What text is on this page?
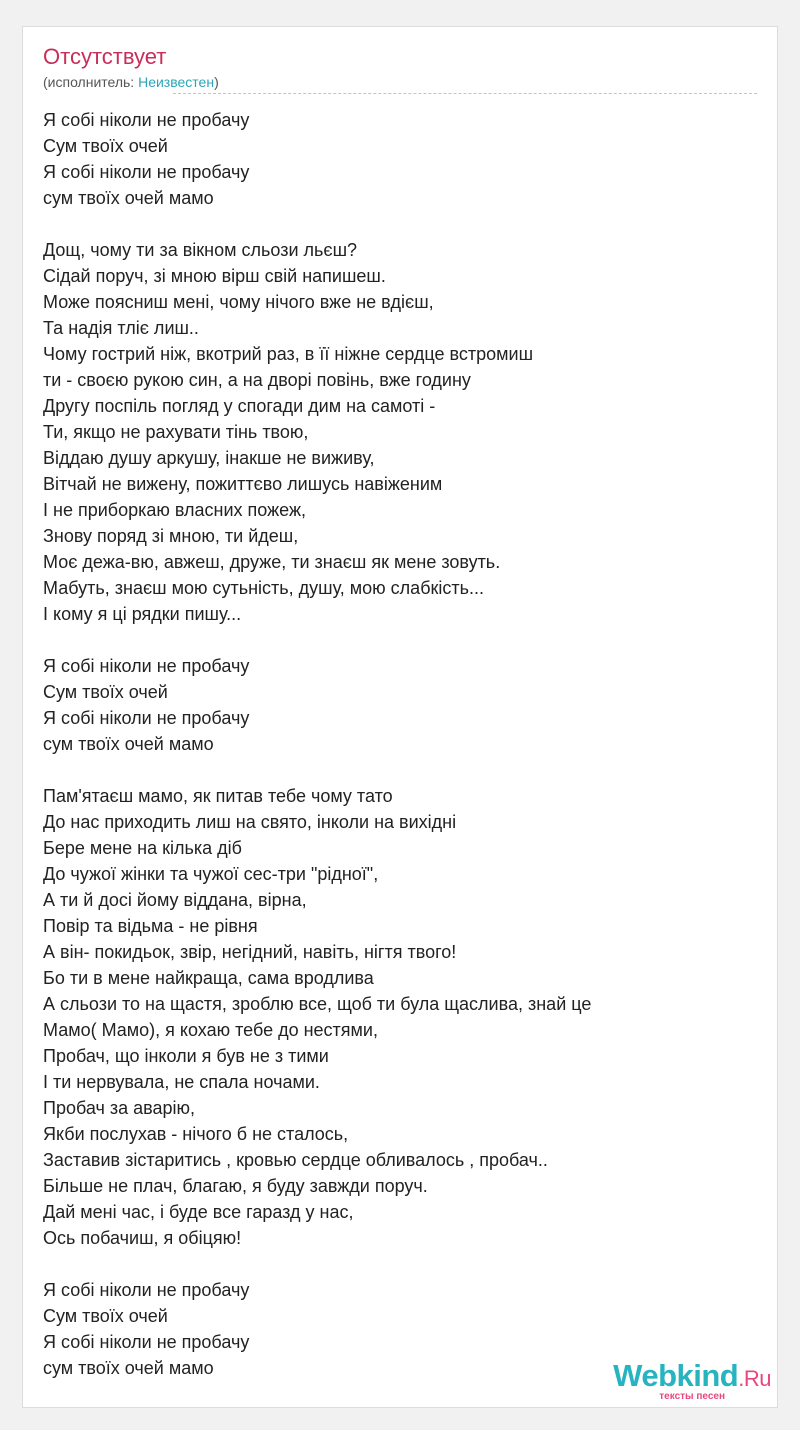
Отсутствует
(исполнитель: Неизвестен)
Я собі ніколи не пробачу
Сум твоїх очей
Я собі ніколи не пробачу
сум твоїх очей мамо
Дощ, чому ти за вікном сльози льєш?
Сідай поруч, зі мною вірш свій напишеш.
Може поясниш мені, чому нічого вже не вдієш,
Та надія тліє лиш..
Чому гострий ніж, вкотрий раз, в її ніжне сердце встромиш
ти - своєю рукою син, а на дворі повінь, вже годину
Другу поспіль погляд у спогади дим на самоті -
Ти, якщо не рахувати тінь твою,
Віддаю душу аркушу, інакше не виживу,
Вітчай не вижену, пожиттєво лишусь навіженим
І не приборкаю власних пожеж,
Знову поряд зі мною, ти йдеш,
Моє дежа-вю, авжеш, друже, ти знаєш як мене зовуть.
Мабуть, знаєш мою сутьність, душу, мою слабкість...
І кому я ці рядки пишу...
Я собі ніколи не пробачу
Сум твоїх очей
Я собі ніколи не пробачу
сум твоїх очей мамо
Пам'ятаєш мамо, як питав тебе чому тато
До нас приходить лиш на свято, інколи на вихідні
Бере мене на кілька діб
До чужої жінки та чужої сес-три "рідної",
А ти й досі йому віддана, вірна,
Повір та відьма - не рівня
А він- покидьок, звір, негідний, навіть, нігтя твого!
Бо ти в мене найкраща, сама вродлива
А сльози то на щастя, зроблю все, щоб ти була щаслива, знай це
Мамо( Мамо), я кохаю тебе до нестями,
Пробач, що інколи я був не з тими
І ти нервувала, не спала ночами.
Пробач за аварію,
Якби послухав - нічого б не сталось,
Заставив зістаритись , кровью сердце обливалось , пробач..
Більше не плач, благаю, я буду завжди поруч.
Дай мені час, і буде все гаразд у нас,
Ось побачиш, я обіцяю!
Я собі ніколи не пробачу
Сум твоїх очей
Я собі ніколи не пробачу
сум твоїх очей мамо	Webkind.Ru
тексты песен
